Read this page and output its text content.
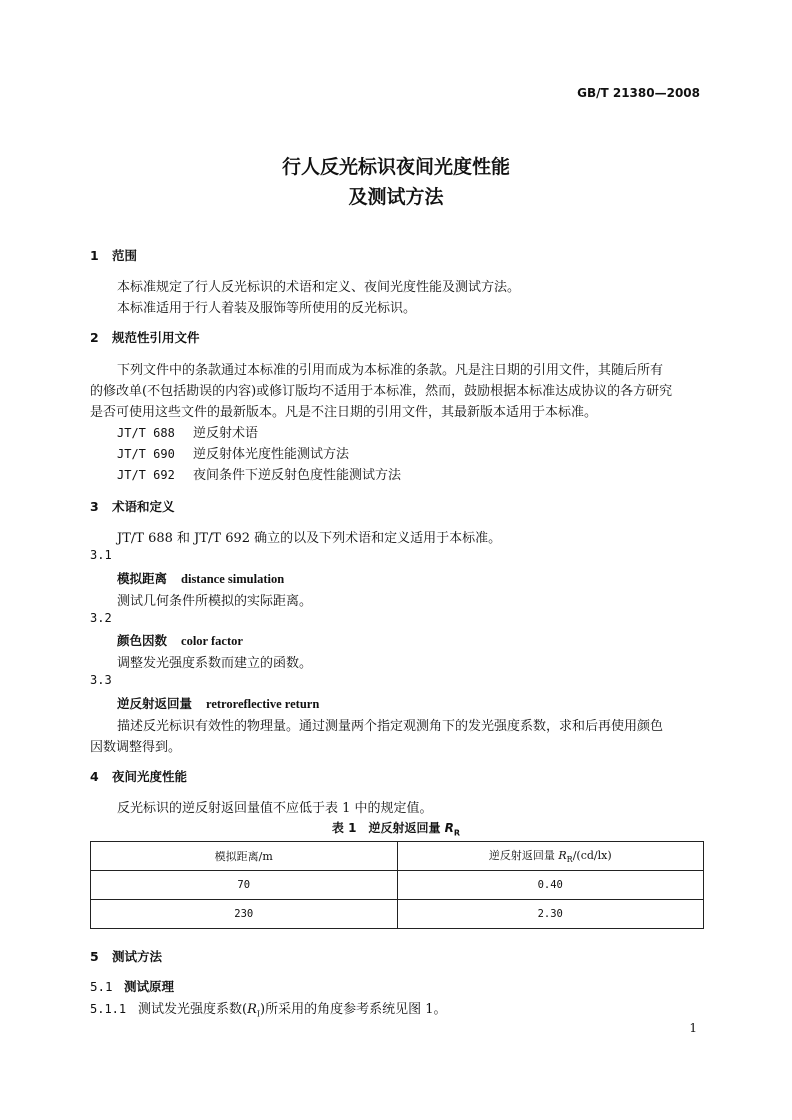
GB/T 21380—2008
行人反光标识夜间光度性能
及测试方法
1 范围
本标准规定了行人反光标识的术语和定义、夜间光度性能及测试方法。
本标准适用于行人着装及服饰等所使用的反光标识。
2 规范性引用文件
下列文件中的条款通过本标准的引用而成为本标准的条款。凡是注日期的引用文件，其随后所有
的修改单(不包括勘误的内容)或修订版均不适用于本标准，然而，鼓励根据本标准达成协议的各方研究
是否可使用这些文件的最新版本。凡是不注日期的引用文件，其最新版本适用于本标准。
JT/T 688 逆反射术语
JT/T 690 逆反射体光度性能测试方法
JT/T 692 夜间条件下逆反射色度性能测试方法
3 术语和定义
JT/T 688 和 JT/T 692 确立的以及下列术语和定义适用于本标准。
3.1
模拟距离 distance simulation
测试几何条件所模拟的实际距离。
3.2
颜色因数 color factor
调整发光强度系数而建立的函数。
3.3
逆反射返回量 retroreflective return
描述反光标识有效性的物理量。通过测量两个指定观测角下的发光强度系数，求和后再使用颜色
因数调整得到。
4 夜间光度性能
反光标识的逆反射返回量值不应低于表 1 中的规定值。
表 1　逆反射返回量 $R_R$
模拟距离/m	逆反射返回量 $R_R/(cd/lx)$
70	0.40
230	2.30
5 测试方法
5.1 测试原理
5.1.1 测试发光强度系数$(R_I)$所采用的角度参考系统见图 1。
1
